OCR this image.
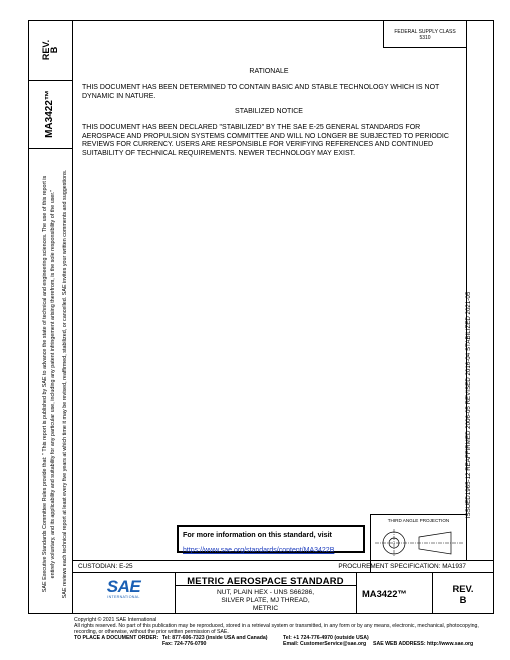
REV.
B
MA3422™
SAE Executive Standards Committee Rules provide that: " This report is published by SAE to advance the state of technical and engineering sciences. The use of this report is entirely voluntary, and its applicability and suitability for any particular use, including any patent infringement arising therefrom, is the sole responsibility of the user." SAE reviews each technical report at least every five years at which time it may be revised, reaffirmed, stabilized, or cancelled. SAE invites your written comments and suggestions.	ISSUED1965-12 REAFFIRMED 2006-05 REVISED 2016-04 STABILIZED 2021-05
FEDERAL SUPPLY CLASS
5310
RATIONALE
THIS DOCUMENT HAS BEEN DETERMINED TO CONTAIN BASIC AND STABLE TECHNOLOGY WHICH IS NOT DYNAMIC IN NATURE.
STABILIZED NOTICE
THIS DOCUMENT HAS BEEN DECLARED "STABILIZED" BY THE SAE E-25 GENERAL STANDARDS FOR AEROSPACE AND PROPULSION SYSTEMS COMMITTEE AND WILL NO LONGER BE SUBJECTED TO PERIODIC REVIEWS FOR CURRENCY. USERS ARE RESPONSIBLE FOR VERIFYING REFERENCES AND CONTINUED SUITABILITY OF TECHNICAL REQUIREMENTS. NEWER TECHNOLOGY MAY EXIST.
For more information on this standard, visit
https://www.sae.org/standards/content/MA3422B
THIRD ANGLE PROJECTION
CUSTODIAN: E-25	PROCUREMENT SPECIFICATION: MA1937
SAE
INTERNATIONAL
METRIC AEROSPACE STANDARD
NUT, PLAIN HEX - UNS S66286,
SILVER PLATE, MJ THREAD,
METRIC
MA3422™	REV.
B
Copyright © 2021 SAE International
All rights reserved. No part of this publication may be reproduced, stored in a retrieval system or transmitted, in any form or by any means, electronic, mechanical, photocopying,
recording, or otherwise, without the prior written permission of SAE.
TO PLACE A DOCUMENT ORDER: Tel: 877-606-7323 (inside USA and Canada)
Fax: 724-776-0790
Tel: +1 724-776-4970 (outside USA)
Email: CustomerService@sae.org	SAE WEB ADDRESS: http://www.sae.org
